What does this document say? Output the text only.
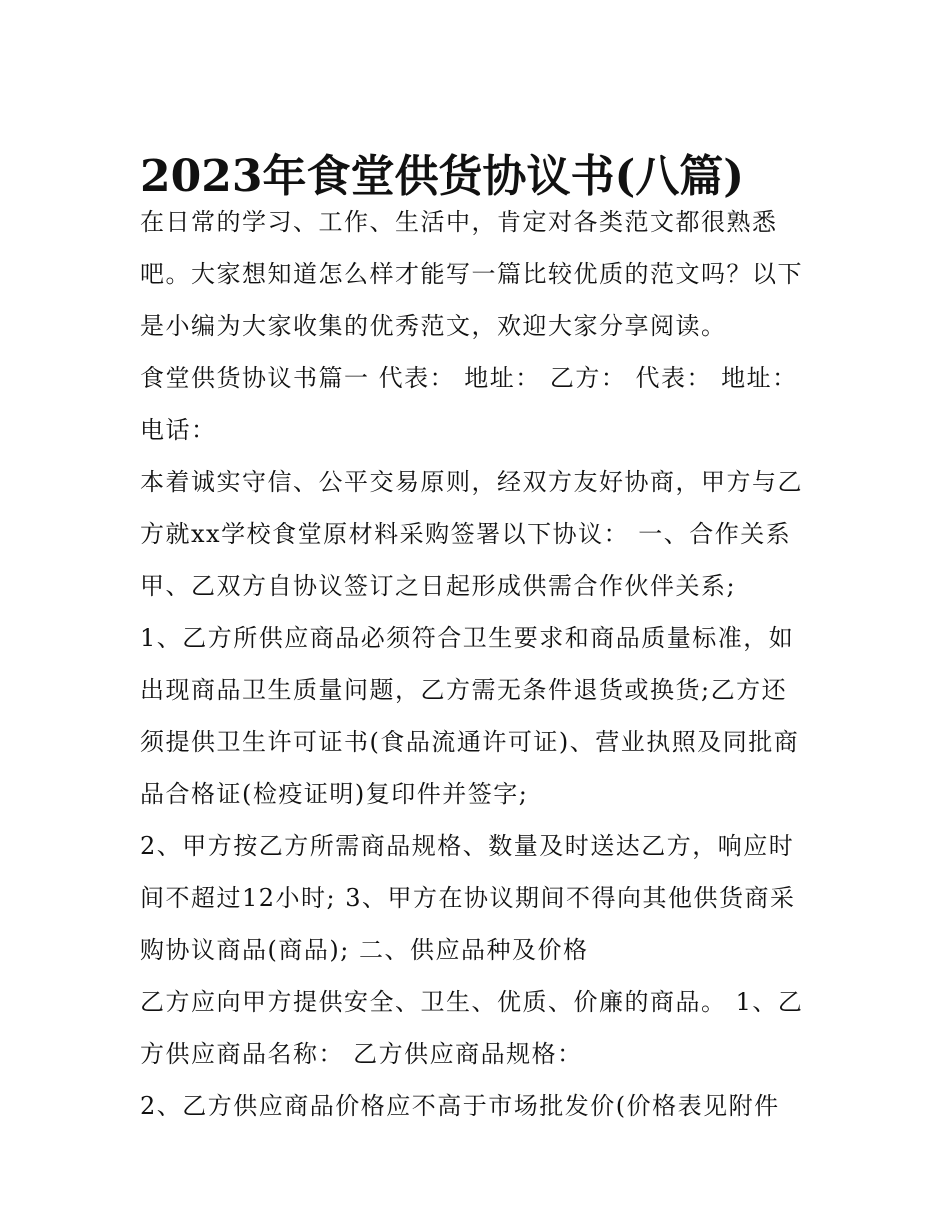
2023年食堂供货协议书(八篇)

在日常的学习、工作、生活中，肯定对各类范文都很熟悉吧。大家想知道怎么样才能写一篇比较优质的范文吗？以下是小编为大家收集的优秀范文，欢迎大家分享阅读。

食堂供货协议书篇一 代表： 地址： 乙方： 代表： 地址： 电话：

本着诚实守信、公平交易原则，经双方友好协商，甲方与乙方就xx学校食堂原材料采购签署以下协议： 一、合作关系 甲、乙双方自协议签订之日起形成供需合作伙伴关系;

1、乙方所供应商品必须符合卫生要求和商品质量标准，如出现商品卫生质量问题，乙方需无条件退货或换货;乙方还须提供卫生许可证书(食品流通许可证)、营业执照及同批商品合格证(检疫证明)复印件并签字;

2、甲方按乙方所需商品规格、数量及时送达乙方，响应时间不超过12小时; 3、甲方在协议期间不得向其他供货商采购协议商品(商品); 二、供应品种及价格

乙方应向甲方提供安全、卫生、优质、价廉的商品。 1、乙方供应商品名称： 乙方供应商品规格：

2、乙方供应商品价格应不高于市场批发价(价格表见附件
